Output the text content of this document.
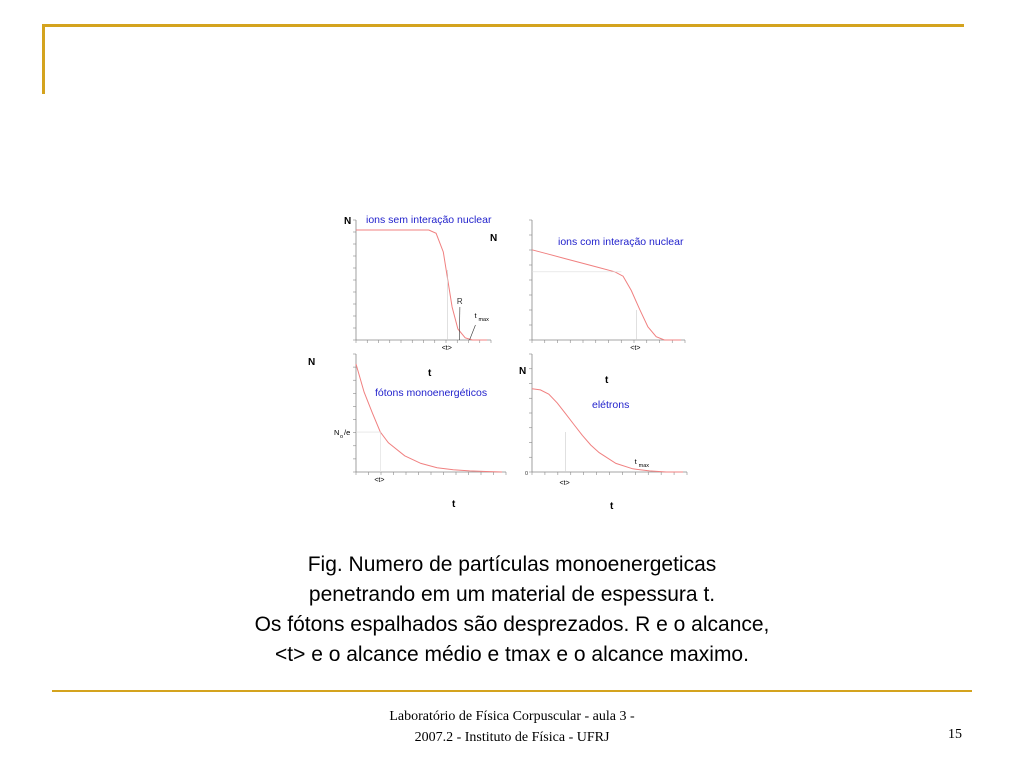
N ions sem interação nuclear
<t>
R
t max
N	ions com interação nuclear
<t>
N
fótons monoenergéticos
t
N o /e
<t>
t
N
t
elétrons
<t>
t max
0
t
Fig. Numero de partículas monoenergeticas
penetrando em um material de espessura t.
Os fótons espalhados são desprezados. R e o alcance,
<t> e o alcance médio e tmax e o alcance maximo.
Laboratório de Física Corpuscular - aula 3 -
2007.2 - Instituto de Física - UFRJ	15
